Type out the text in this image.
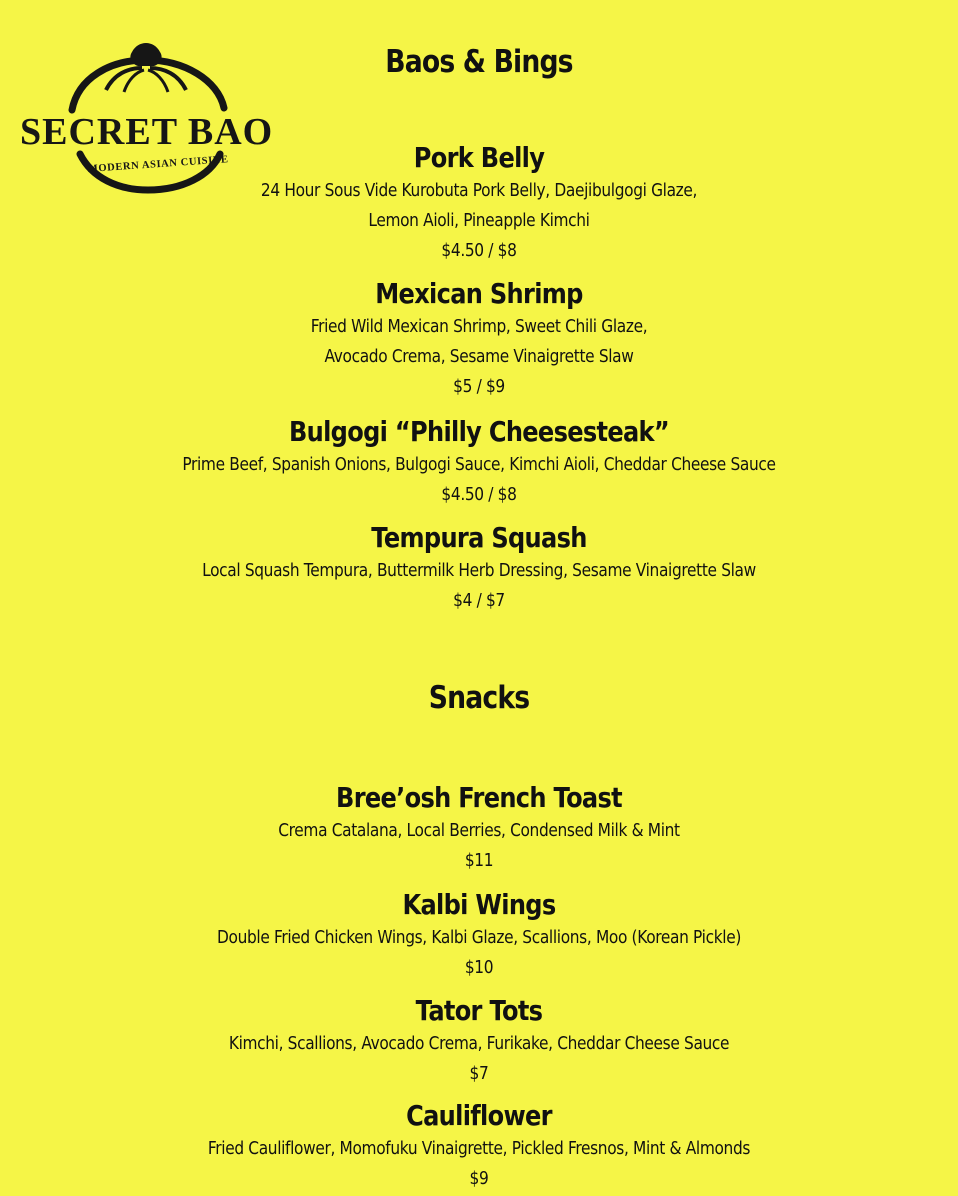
SECRET BAO
MODERN ASIAN CUISINE
Baos & Bings
Pork Belly
24 Hour Sous Vide Kurobuta Pork Belly, Daejibulgogi Glaze,
Lemon Aioli, Pineapple Kimchi
$4.50 / $8
Mexican Shrimp
Fried Wild Mexican Shrimp, Sweet Chili Glaze,
Avocado Crema, Sesame Vinaigrette Slaw
$5 / $9
Bulgogi “Philly Cheesesteak”
Prime Beef, Spanish Onions, Bulgogi Sauce, Kimchi Aioli, Cheddar Cheese Sauce
$4.50 / $8
Tempura Squash
Local Squash Tempura, Buttermilk Herb Dressing, Sesame Vinaigrette Slaw
$4 / $7
Snacks
Bree’osh French Toast
Crema Catalana, Local Berries, Condensed Milk & Mint
$11
Kalbi Wings
Double Fried Chicken Wings, Kalbi Glaze, Scallions, Moo (Korean Pickle)
$10
Tator Tots
Kimchi, Scallions, Avocado Crema, Furikake, Cheddar Cheese Sauce
$7
Cauliflower
Fried Cauliflower, Momofuku Vinaigrette, Pickled Fresnos, Mint & Almonds
$9
